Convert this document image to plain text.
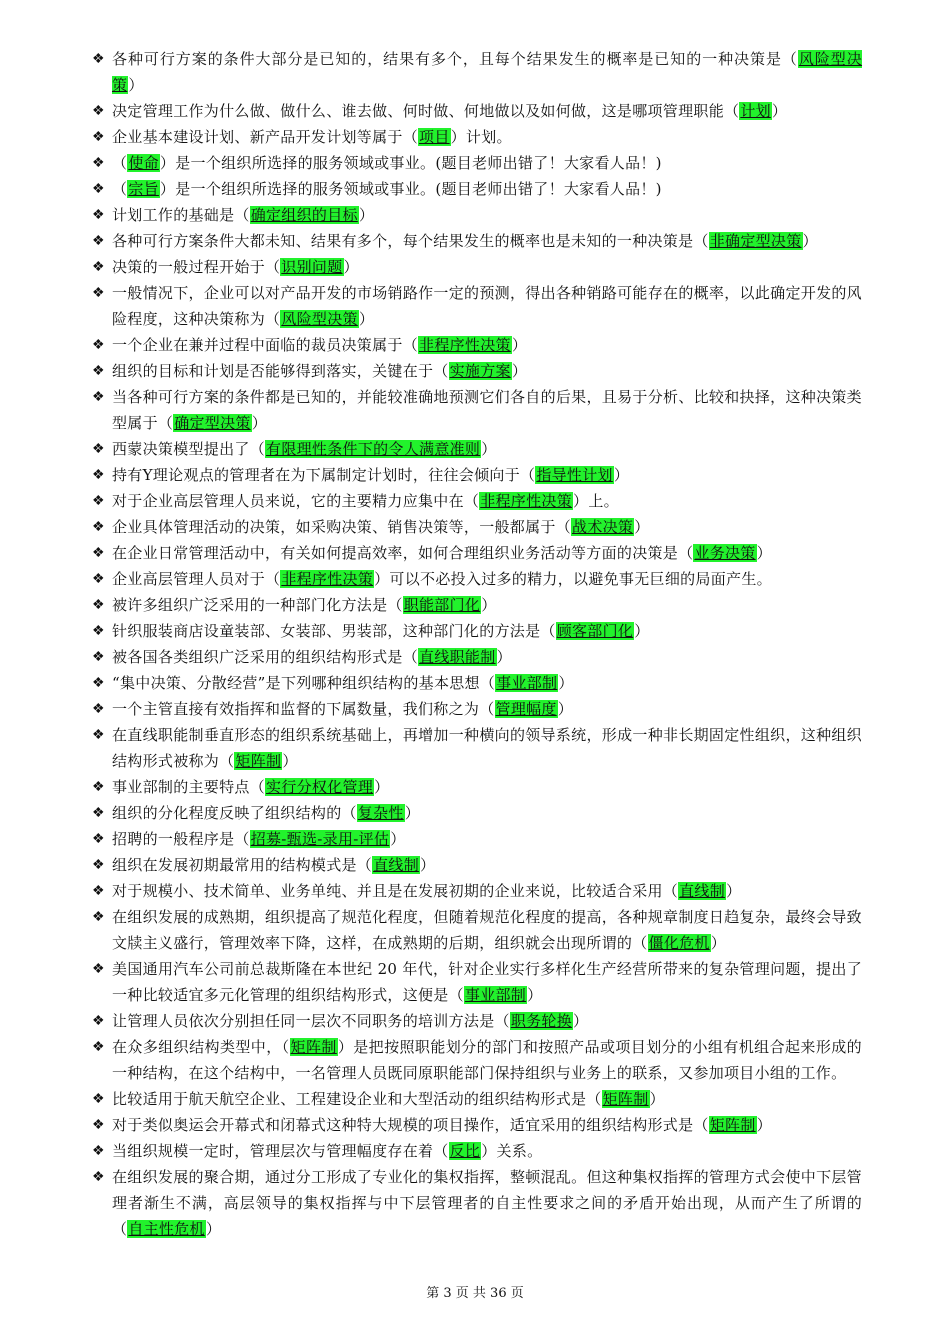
❖ 各种可行方案的条件大部分是已知的，结果有多个，且每个结果发生的概率是已知的一种决策是（风险型决策）
❖ 决定管理工作为什么做、做什么、谁去做、何时做、何地做以及如何做，这是哪项管理职能（计划）
❖ 企业基本建设计划、新产品开发计划等属于（项目）计划。
❖ （使命）是一个组织所选择的服务领域或事业。(题目老师出错了！大家看人品！)
❖ （宗旨）是一个组织所选择的服务领域或事业。(题目老师出错了！大家看人品！)
❖ 计划工作的基础是（确定组织的目标）
❖ 各种可行方案条件大都未知、结果有多个，每个结果发生的概率也是未知的一种决策是（非确定型决策）
❖ 决策的一般过程开始于（识别问题）
❖ 一般情况下，企业可以对产品开发的市场销路作一定的预测，得出各种销路可能存在的概率，以此确定开发的风险程度，这种决策称为（风险型决策）
❖ 一个企业在兼并过程中面临的裁员决策属于（非程序性决策）
❖ 组织的目标和计划是否能够得到落实，关键在于（实施方案）
❖ 当各种可行方案的条件都是已知的，并能较准确地预测它们各自的后果，且易于分析、比较和抉择，这种决策类型属于（确定型决策）
❖ 西蒙决策模型提出了（有限理性条件下的令人满意准则）
❖ 持有Y理论观点的管理者在为下属制定计划时，往往会倾向于（指导性计划）
❖ 对于企业高层管理人员来说，它的主要精力应集中在（非程序性决策）上。
❖ 企业具体管理活动的决策，如采购决策、销售决策等，一般都属于（战术决策）
❖ 在企业日常管理活动中，有关如何提高效率，如何合理组织业务活动等方面的决策是（业务决策）
❖ 企业高层管理人员对于（非程序性决策）可以不必投入过多的精力，以避免事无巨细的局面产生。
❖ 被许多组织广泛采用的一种部门化方法是（职能部门化）
❖ 针织服装商店设童装部、女装部、男装部，这种部门化的方法是（顾客部门化）
❖ 被各国各类组织广泛采用的组织结构形式是（直线职能制）
❖ “集中决策、分散经营”是下列哪种组织结构的基本思想（事业部制）
❖ 一个主管直接有效指挥和监督的下属数量，我们称之为（管理幅度）
❖ 在直线职能制垂直形态的组织系统基础上，再增加一种横向的领导系统，形成一种非长期固定性组织，这种组织结构形式被称为（矩阵制）
❖ 事业部制的主要特点（实行分权化管理）
❖ 组织的分化程度反映了组织结构的（复杂性）
❖ 招聘的一般程序是（招募-甄选-录用-评估）
❖ 组织在发展初期最常用的结构模式是（直线制）
❖ 对于规模小、技术简单、业务单纯、并且是在发展初期的企业来说，比较适合采用（直线制）
❖ 在组织发展的成熟期，组织提高了规范化程度，但随着规范化程度的提高，各种规章制度日趋复杂，最终会导致文牍主义盛行，管理效率下降，这样，在成熟期的后期，组织就会出现所谓的（僵化危机）
❖ 美国通用汽车公司前总裁斯隆在本世纪 20 年代，针对企业实行多样化生产经营所带来的复杂管理问题，提出了一种比较适宜多元化管理的组织结构形式，这便是（事业部制）
❖ 让管理人员依次分别担任同一层次不同职务的培训方法是（职务轮换）
❖ 在众多组织结构类型中，（矩阵制）是把按照职能划分的部门和按照产品或项目划分的小组有机组合起来形成的一种结构，在这个结构中，一名管理人员既同原职能部门保持组织与业务上的联系，又参加项目小组的工作。
❖ 比较适用于航天航空企业、工程建设企业和大型活动的组织结构形式是（矩阵制）
❖ 对于类似奥运会开幕式和闭幕式这种特大规模的项目操作，适宜采用的组织结构形式是（矩阵制）
❖ 当组织规模一定时，管理层次与管理幅度存在着（反比）关系。
❖ 在组织发展的聚合期，通过分工形成了专业化的集权指挥，整顿混乱。但这种集权指挥的管理方式会使中下层管理者渐生不满，高层领导的集权指挥与中下层管理者的自主性要求之间的矛盾开始出现，从而产生了所谓的（自主性危机）
第 3 页 共 36 页
